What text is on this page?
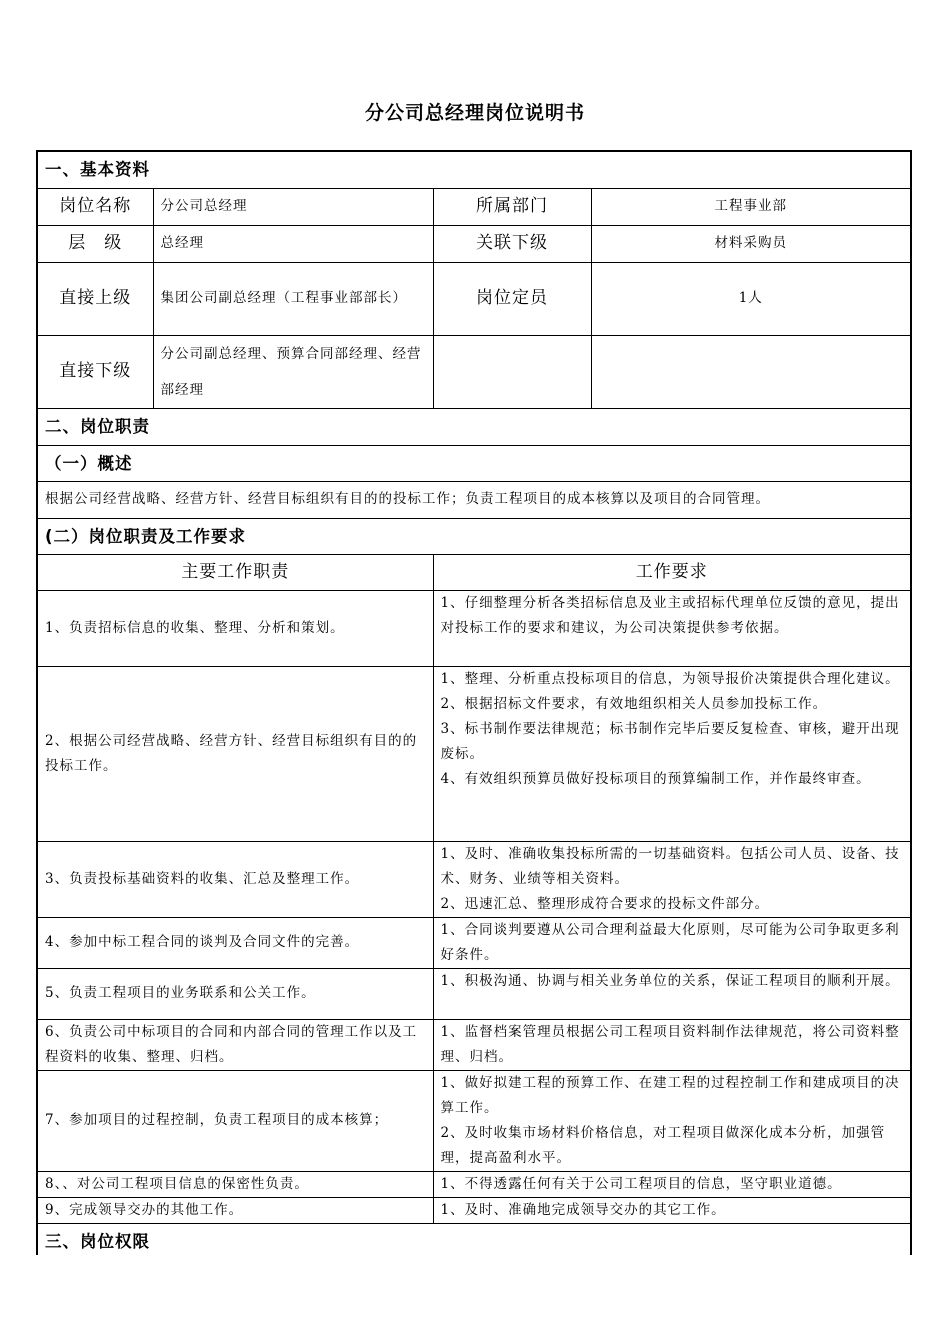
分公司总经理岗位说明书
一、基本资料			
岗位名称	分公司总经理	所属部门	工程事业部
层　级	总经理	关联下级	材料采购员
直接上级	集团公司副总经理（工程事业部部长）	岗位定员	1人
直接下级	分公司副总经理、预算合同部经理、经营部经理		
二、岗位职责			
（一）概述			
根据公司经营战略、经营方针、经营目标组织有目的的投标工作；负责工程项目的成本核算以及项目的合同管理。			
(二）岗位职责及工作要求			
主要工作职责		工作要求	
1、负责招标信息的收集、整理、分析和策划。		1、仔细整理分析各类招标信息及业主或招标代理单位反馈的意见，提出对投标工作的要求和建议，为公司决策提供参考依据。	

2、根据公司经营战略、经营方针、经营目标组织有目的的投标工作。		1、整理、分析重点投标项目的信息，为领导报价决策提供合理化建议。
2、根据招标文件要求，有效地组织相关人员参加投标工作。
3、标书制作要法律规范；标书制作完毕后要反复检查、审核，避开出现废标。
4、有效组织预算员做好投标项目的预算编制工作，并作最终审查。	

3、负责投标基础资料的收集、汇总及整理工作。		1、及时、准确收集投标所需的一切基础资料。包括公司人员、设备、技术、财务、业绩等相关资料。
2、迅速汇总、整理形成符合要求的投标文件部分。	

4、参加中标工程合同的谈判及合同文件的完善。		1、合同谈判要遵从公司合理利益最大化原则，尽可能为公司争取更多利好条件。	

5、负责工程项目的业务联系和公关工作。		1、积极沟通、协调与相关业务单位的关系，保证工程项目的顺利开展。	

6、负责公司中标项目的合同和内部合同的管理工作以及工程资料的收集、整理、归档。		1、监督档案管理员根据公司工程项目资料制作法律规范，将公司资料整理、归档。	

7、参加项目的过程控制，负责工程项目的成本核算；		1、做好拟建工程的预算工作、在建工程的过程控制工作和建成项目的决算工作。
2、及时收集市场材料价格信息，对工程项目做深化成本分析，加强管理，提高盈利水平。	

8、、对公司工程项目信息的保密性负责。		1、不得透露任何有关于公司工程项目的信息，坚守职业道德。	

9、完成领导交办的其他工作。		1、及时、准确地完成领导交办的其它工作。	

三、岗位权限			
